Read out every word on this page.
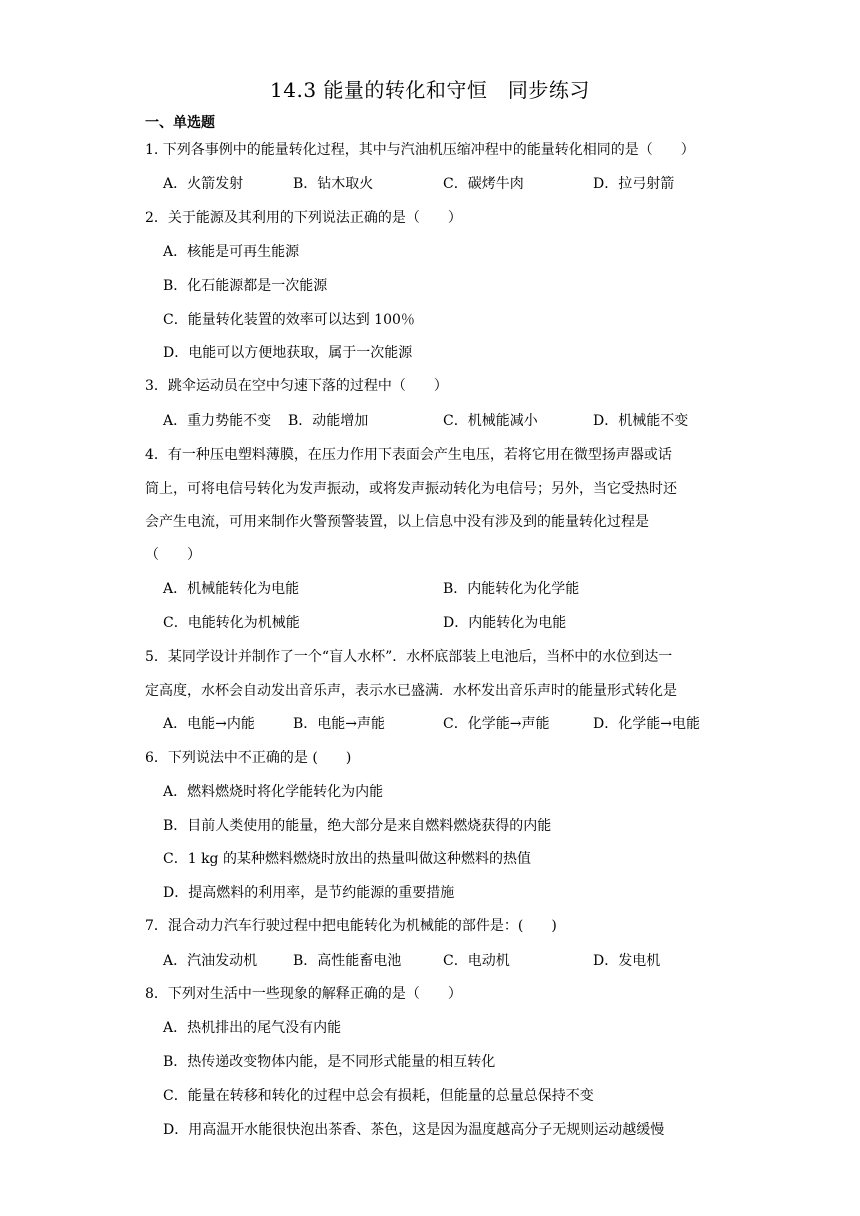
14.3 能量的转化和守恒　同步练习
一、单选题
1. 下列各事例中的能量转化过程，其中与汽油机压缩冲程中的能量转化相同的是（　　）
A．火箭发射	B．钻木取火	C．碳烤牛肉	D．拉弓射箭
2．关于能源及其利用的下列说法正确的是（　　）
A．核能是可再生能源
B．化石能源都是一次能源
C．能量转化装置的效率可以达到 100％
D．电能可以方便地获取，属于一次能源
3．跳伞运动员在空中匀速下落的过程中（　　）
A．重力势能不变 B．动能增加	C．机械能减小	D．机械能不变
4．有一种压电塑料薄膜，在压力作用下表面会产生电压，若将它用在微型扬声器或话
筒上，可将电信号转化为发声振动，或将发声振动转化为电信号；另外，当它受热时还
会产生电流，可用来制作火警预警装置，以上信息中没有涉及到的能量转化过程是
（　　）
A．机械能转化为电能	B．内能转化为化学能
C．电能转化为机械能	D．内能转化为电能
5．某同学设计并制作了一个“盲人水杯”．水杯底部装上电池后，当杯中的水位到达一
定高度，水杯会自动发出音乐声，表示水已盛满．水杯发出音乐声时的能量形式转化是
A．电能→内能	B．电能→声能	C．化学能→声能	D．化学能→电能
6．下列说法中不正确的是 (　　)
A．燃料燃烧时将化学能转化为内能
B．目前人类使用的能量，绝大部分是来自燃料燃烧获得的内能
C．1 kg 的某种燃料燃烧时放出的热量叫做这种燃料的热值
D．提高燃料的利用率，是节约能源的重要措施
7．混合动力汽车行驶过程中把电能转化为机械能的部件是：(　　)
A．汽油发动机	B．高性能畜电池	C．电动机	D．发电机
8．下列对生活中一些现象的解释正确的是（　　）
A．热机排出的尾气没有内能
B．热传递改变物体内能，是不同形式能量的相互转化
C．能量在转移和转化的过程中总会有损耗，但能量的总量总保持不变
D．用高温开水能很快泡出茶香、茶色，这是因为温度越高分子无规则运动越缓慢
